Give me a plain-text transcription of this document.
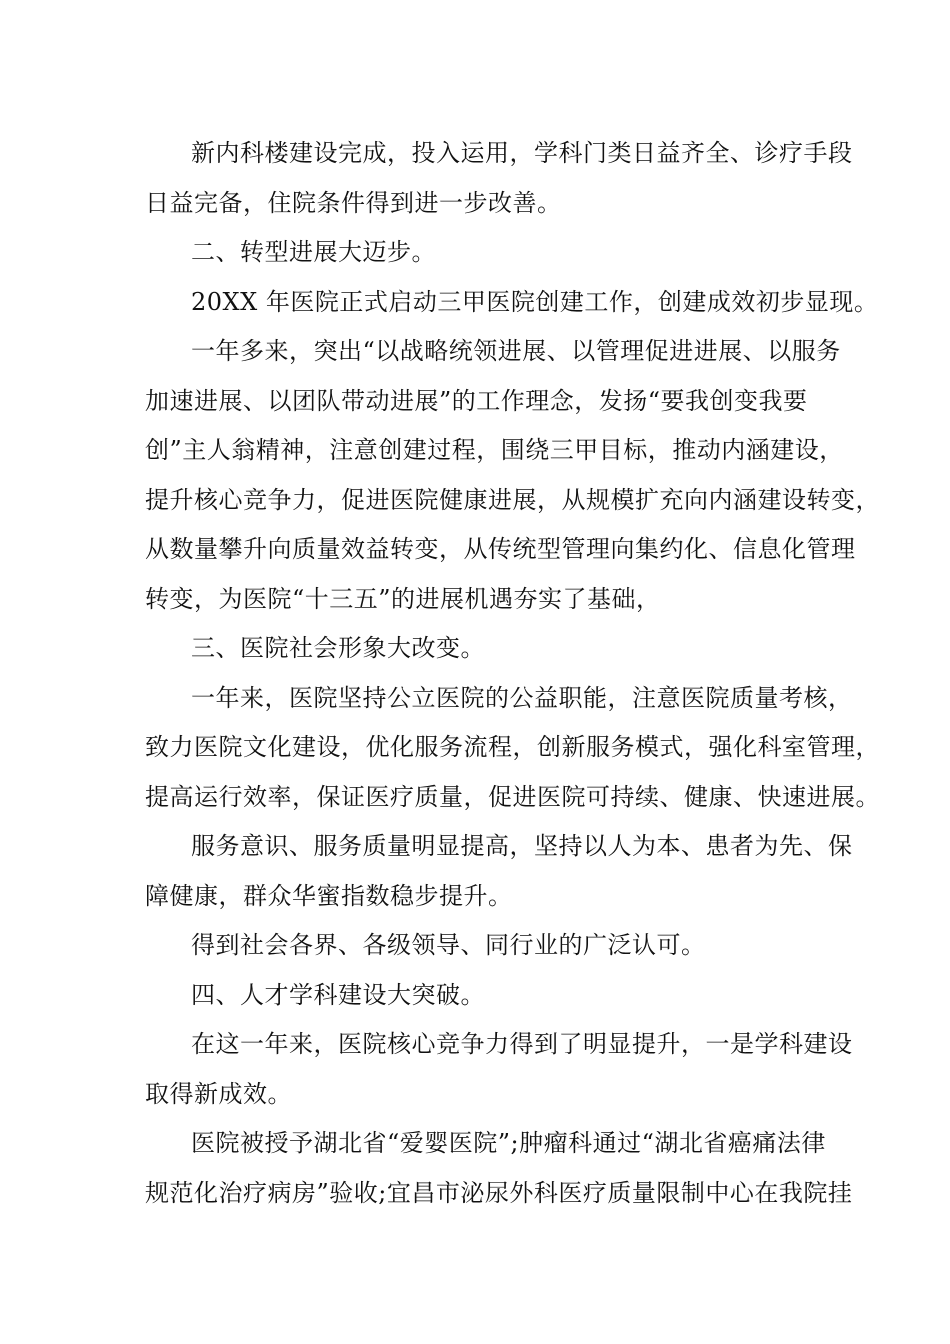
新内科楼建设完成，投入运用，学科门类日益齐全、诊疗手段
日益完备，住院条件得到进一步改善。
二、转型进展大迈步。
20XX 年医院正式启动三甲医院创建工作，创建成效初步显现。
一年多来，突出“以战略统领进展、以管理促进进展、以服务
加速进展、以团队带动进展”的工作理念，发扬“要我创变我要
创”主人翁精神，注意创建过程，围绕三甲目标，推动内涵建设，
提升核心竞争力，促进医院健康进展，从规模扩充向内涵建设转变，
从数量攀升向质量效益转变，从传统型管理向集约化、信息化管理
转变，为医院“十三五”的进展机遇夯实了基础，
三、医院社会形象大改变。
一年来，医院坚持公立医院的公益职能，注意医院质量考核，
致力医院文化建设，优化服务流程，创新服务模式，强化科室管理，
提高运行效率，保证医疗质量，促进医院可持续、健康、快速进展。
服务意识、服务质量明显提高，坚持以人为本、患者为先、保
障健康，群众华蜜指数稳步提升。
得到社会各界、各级领导、同行业的广泛认可。
四、人才学科建设大突破。
在这一年来，医院核心竞争力得到了明显提升，一是学科建设
取得新成效。
医院被授予湖北省“爱婴医院”;肿瘤科通过“湖北省癌痛法律
规范化治疗病房”验收;宜昌市泌尿外科医疗质量限制中心在我院挂
